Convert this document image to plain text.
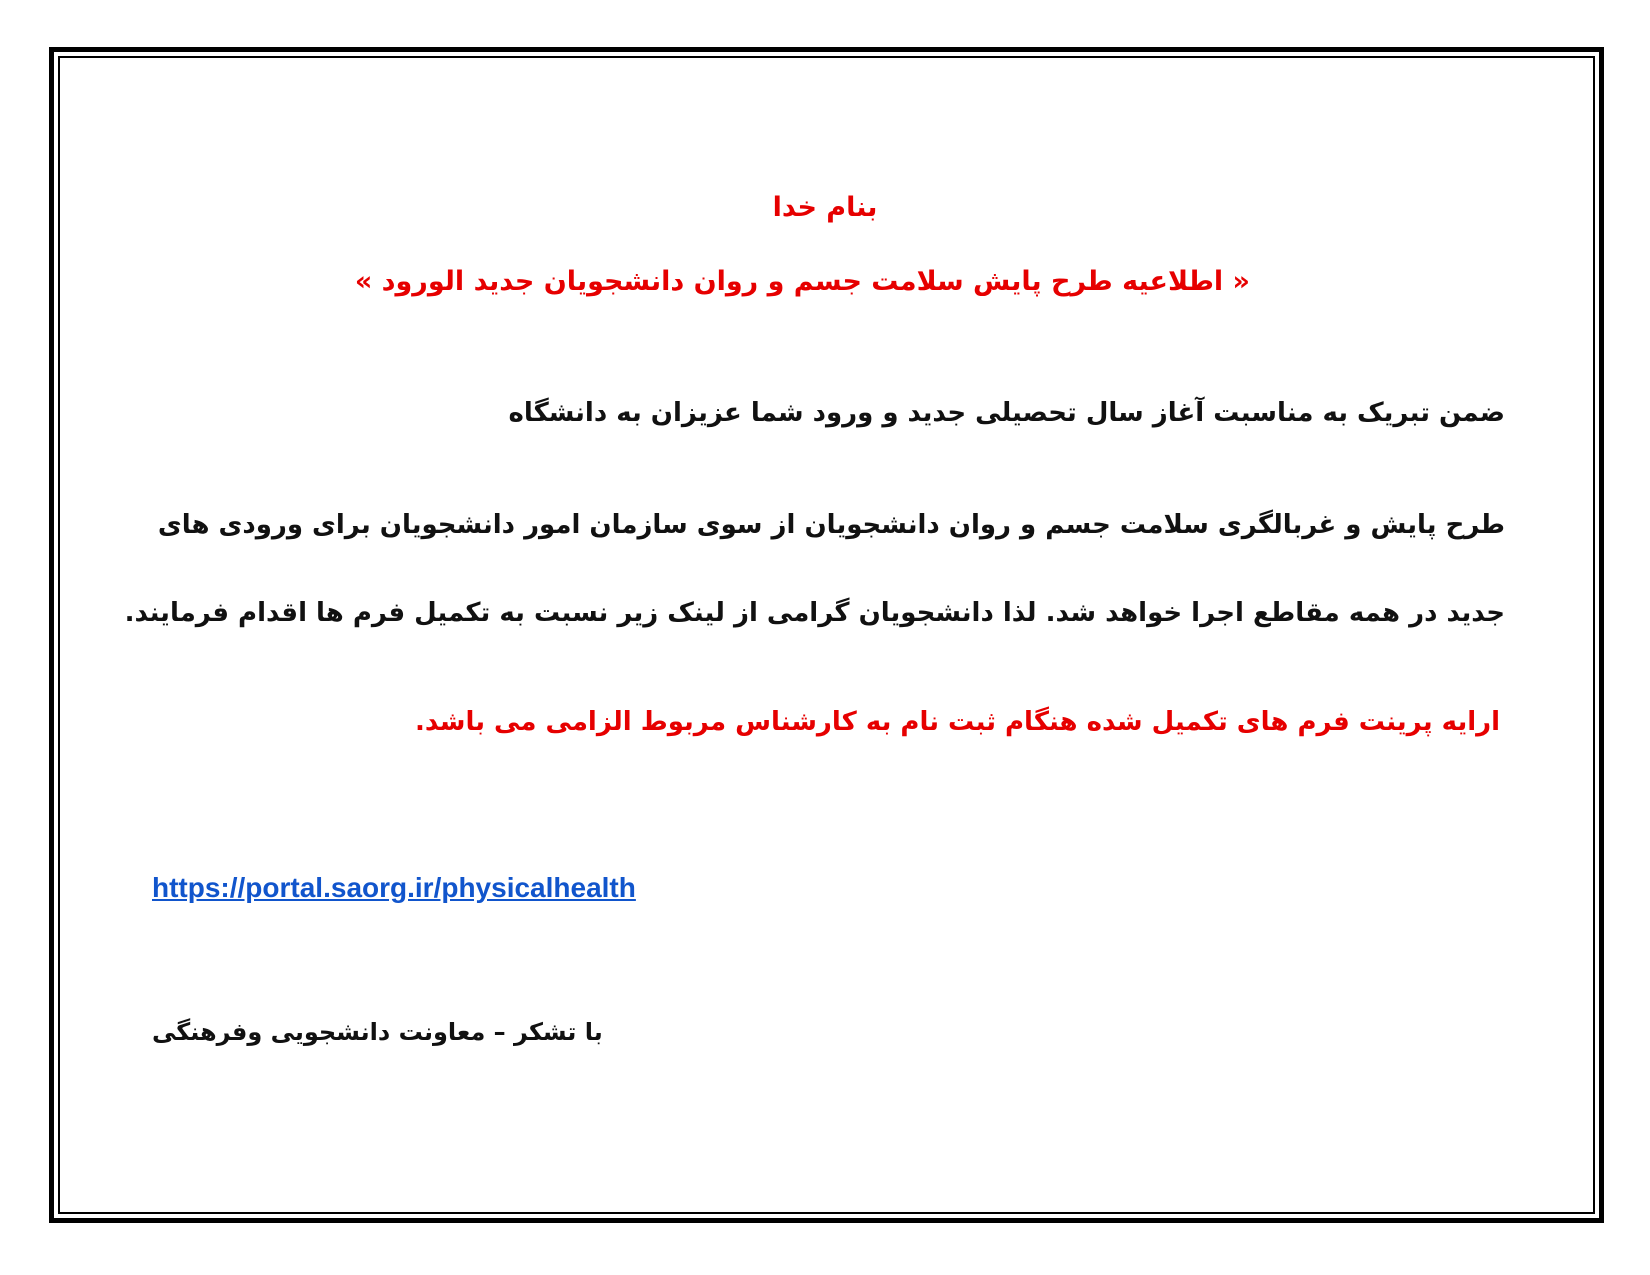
بنام خدا
« اطلاعیه طرح پایش سلامت جسم و روان دانشجویان جدید الورود »
ضمن تبریک به مناسبت آغاز سال تحصیلی جدید و ورود شما عزیزان به دانشگاه
طرح پایش و غربالگری سلامت جسم و روان دانشجویان از سوی سازمان امور دانشجویان برای ورودی های
جدید در همه مقاطع اجرا خواهد شد. لذا دانشجویان گرامی از لینک زیر نسبت به تکمیل فرم ها اقدام فرمایند.
ارایه پرینت فرم های تکمیل شده هنگام ثبت نام به کارشناس مربوط الزامی می باشد.
https://portal.saorg.ir/physicalhealth
با تشکر – معاونت دانشجویی وفرهنگی
